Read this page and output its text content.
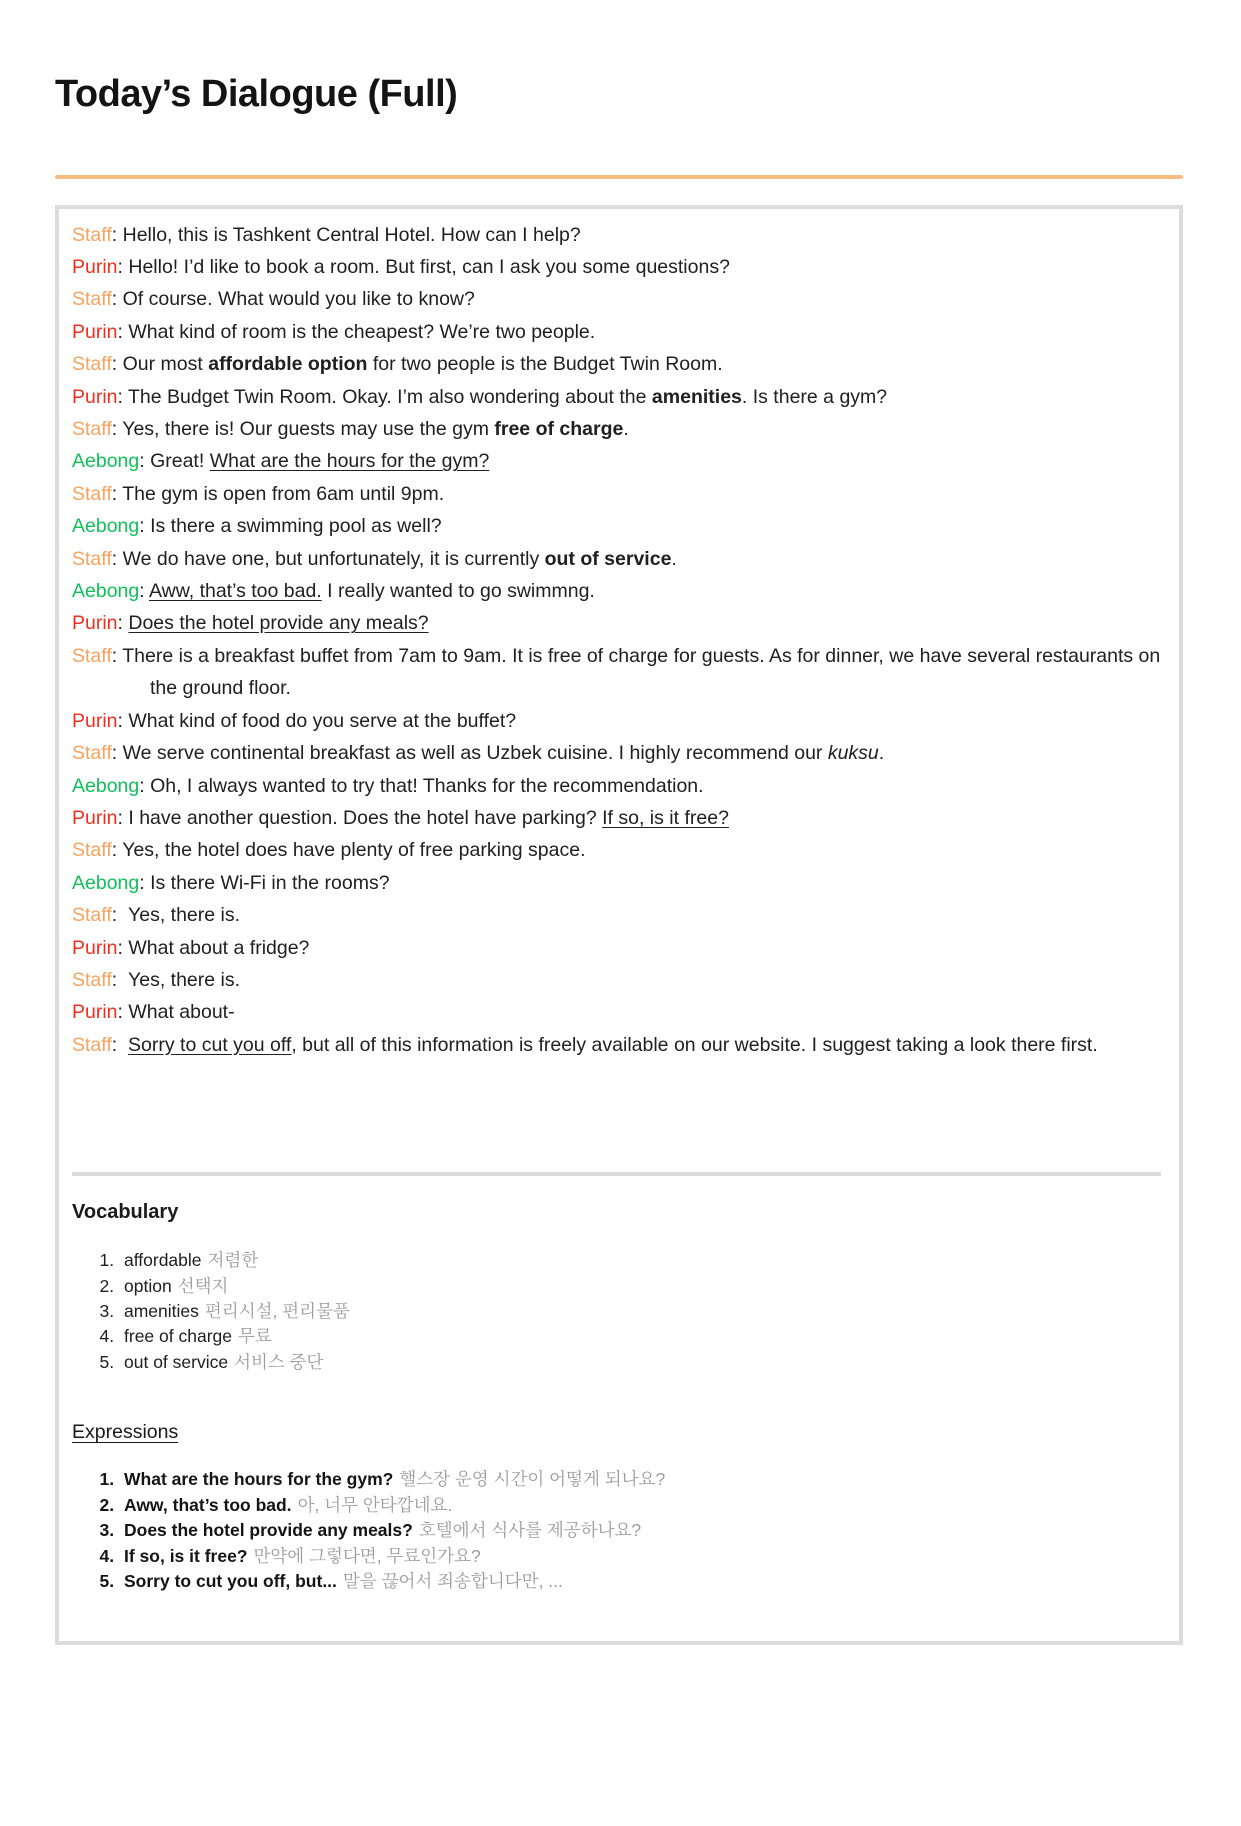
Today’s Dialogue (Full)
Staff: Hello, this is Tashkent Central Hotel. How can I help?
Purin: Hello! I’d like to book a room. But first, can I ask you some questions?
Staff: Of course. What would you like to know?
Purin: What kind of room is the cheapest? We’re two people.
Staff: Our most affordable option for two people is the Budget Twin Room.
Purin: The Budget Twin Room. Okay. I’m also wondering about the amenities. Is there a gym?
Staff: Yes, there is! Our guests may use the gym free of charge.
Aebong: Great! What are the hours for the gym?
Staff: The gym is open from 6am until 9pm.
Aebong: Is there a swimming pool as well?
Staff: We do have one, but unfortunately, it is currently out of service.
Aebong: Aww, that’s too bad. I really wanted to go swimmng.
Purin: Does the hotel provide any meals?
Staff: There is a breakfast buffet from 7am to 9am. It is free of charge for guests. As for dinner, we have several restaurants on the ground floor.
Purin: What kind of food do you serve at the buffet?
Staff: We serve continental breakfast as well as Uzbek cuisine. I highly recommend our kuksu.
Aebong: Oh, I always wanted to try that! Thanks for the recommendation.
Purin: I have another question. Does the hotel have parking? If so, is it free?
Staff: Yes, the hotel does have plenty of free parking space.
Aebong: Is there Wi-Fi in the rooms?
Staff:  Yes, there is.
Purin: What about a fridge?
Staff:  Yes, there is.
Purin: What about-
Staff:  Sorry to cut you off, but all of this information is freely available on our website. I suggest taking a look there first.
Vocabulary
1. affordable 저렴한
2. option 선택지
3. amenities 편리시설, 편리물품
4. free of charge 무료
5. out of service 서비스 중단
Expressions
1. What are the hours for the gym? 핼스장 운영 시간이 어떻게 되나요?
2. Aww, that’s too bad. 아, 너무 안타깝네요.
3. Does the hotel provide any meals? 호텔에서 식사를 제공하나요?
4. If so, is it free? 만약에 그렇다면, 무료인가요?
5. Sorry to cut you off, but... 말을 끊어서 죄송합니다만, ...
